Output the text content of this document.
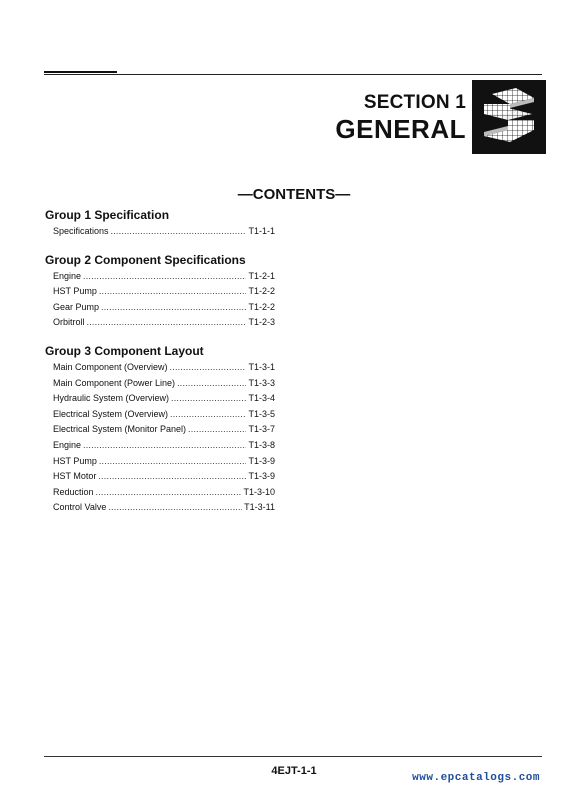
SECTION 1
GENERAL
—CONTENTS—
Group 1 Specification
Specifications .....	T1-1-1
Group 2 Component Specifications
Engine .....	T1-2-1
HST Pump .....	T1-2-2
Gear Pump .....	T1-2-2
Orbitroll .....	T1-2-3
Group 3 Component Layout
Main Component (Overview) .....	T1-3-1
Main Component (Power Line) .....	T1-3-3
Hydraulic System (Overview) .....	T1-3-4
Electrical System (Overview) .....	T1-3-5
Electrical System (Monitor Panel) .....	T1-3-7
Engine .....	T1-3-8
HST Pump .....	T1-3-9
HST Motor .....	T1-3-9
Reduction .....	T1-3-10
Control Valve .....	T1-3-11
4EJT-1-1
www.epcatalogs.com
